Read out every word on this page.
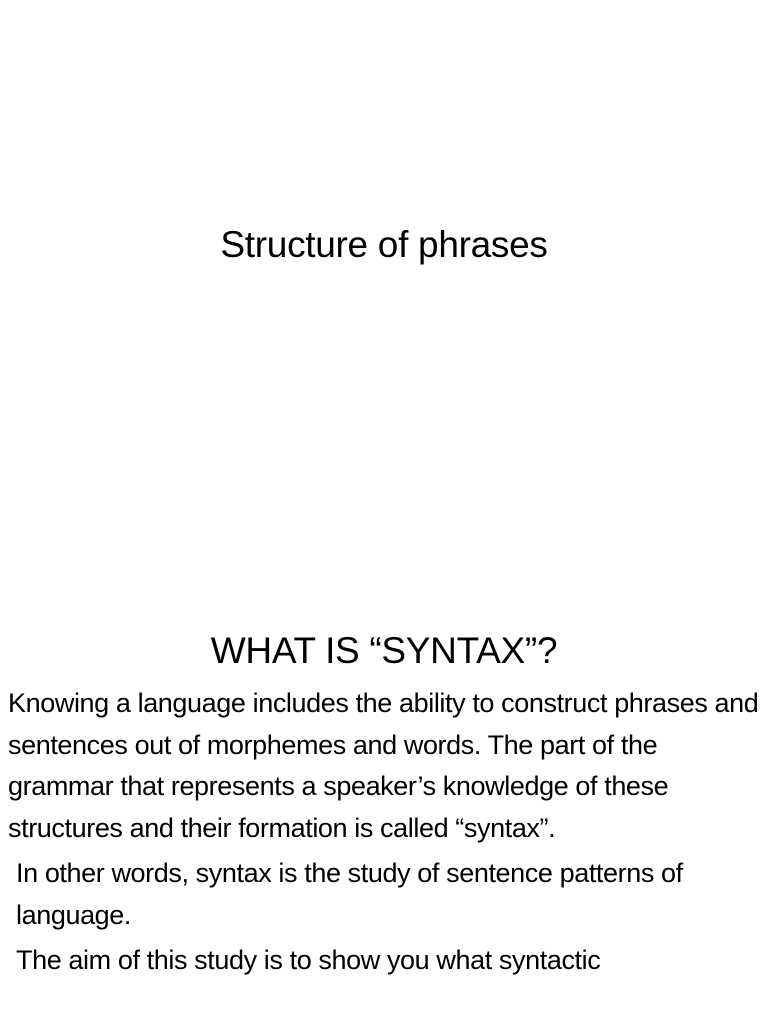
Structure of phrases
WHAT IS “SYNTAX”?

Knowing a language includes the ability to construct phrases and sentences out of morphemes and words. The part of the grammar that represents a speaker’s knowledge of these structures and their formation is called “syntax”.

In other words, syntax is the study of sentence patterns of language.

The aim of this study is to show you what syntactic
